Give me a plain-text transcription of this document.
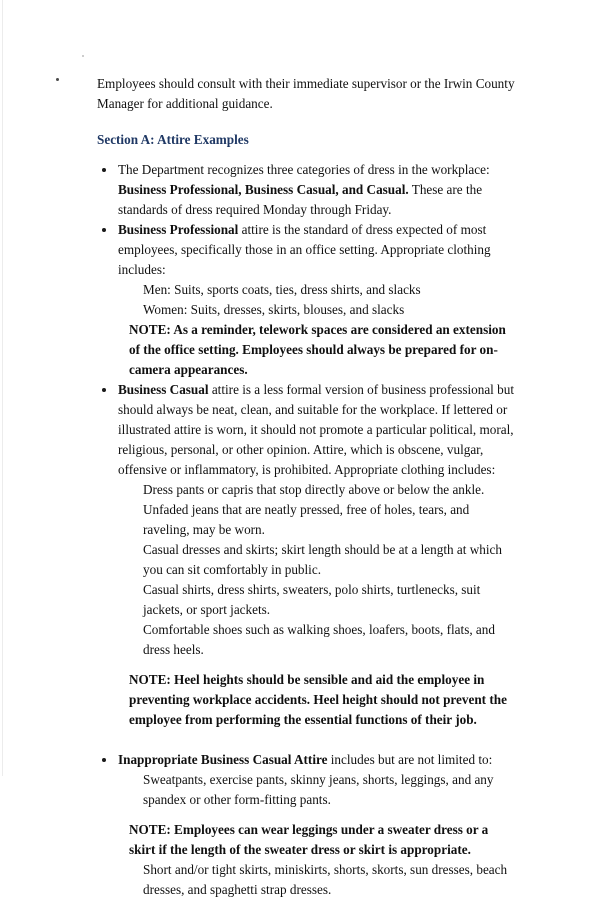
Employees should consult with their immediate supervisor or the Irwin County Manager for additional guidance.

Section A: Attire Examples

The Department recognizes three categories of dress in the workplace: Business Professional, Business Casual, and Casual. These are the standards of dress required Monday through Friday.
Business Professional attire is the standard of dress expected of most employees, specifically those in an office setting. Appropriate clothing includes:

Men: Suits, sports coats, ties, dress shirts, and slacks

Women: Suits, dresses, skirts, blouses, and slacks

NOTE: As a reminder, telework spaces are considered an extension of the office setting. Employees should always be prepared for on-camera appearances.
Business Casual attire is a less formal version of business professional but should always be neat, clean, and suitable for the workplace. If lettered or illustrated attire is worn, it should not promote a particular political, moral, religious, personal, or other opinion. Attire, which is obscene, vulgar, offensive or inflammatory, is prohibited. Appropriate clothing includes:

Dress pants or capris that stop directly above or below the ankle. Unfaded jeans that are neatly pressed, free of holes, tears, and raveling, may be worn.

Casual dresses and skirts; skirt length should be at a length at which you can sit comfortably in public.

Casual shirts, dress shirts, sweaters, polo shirts, turtlenecks, suit jackets, or sport jackets.

Comfortable shoes such as walking shoes, loafers, boots, flats, and dress heels.

NOTE: Heel heights should be sensible and aid the employee in preventing workplace accidents. Heel height should not prevent the employee from performing the essential functions of their job.
Inappropriate Business Casual Attire includes but are not limited to:

Sweatpants, exercise pants, skinny jeans, shorts, leggings, and any spandex or other form-fitting pants.

NOTE: Employees can wear leggings under a sweater dress or a skirt if the length of the sweater dress or skirt is appropriate.

Short and/or tight skirts, miniskirts, shorts, skorts, sun dresses, beach dresses, and spaghetti strap dresses.
